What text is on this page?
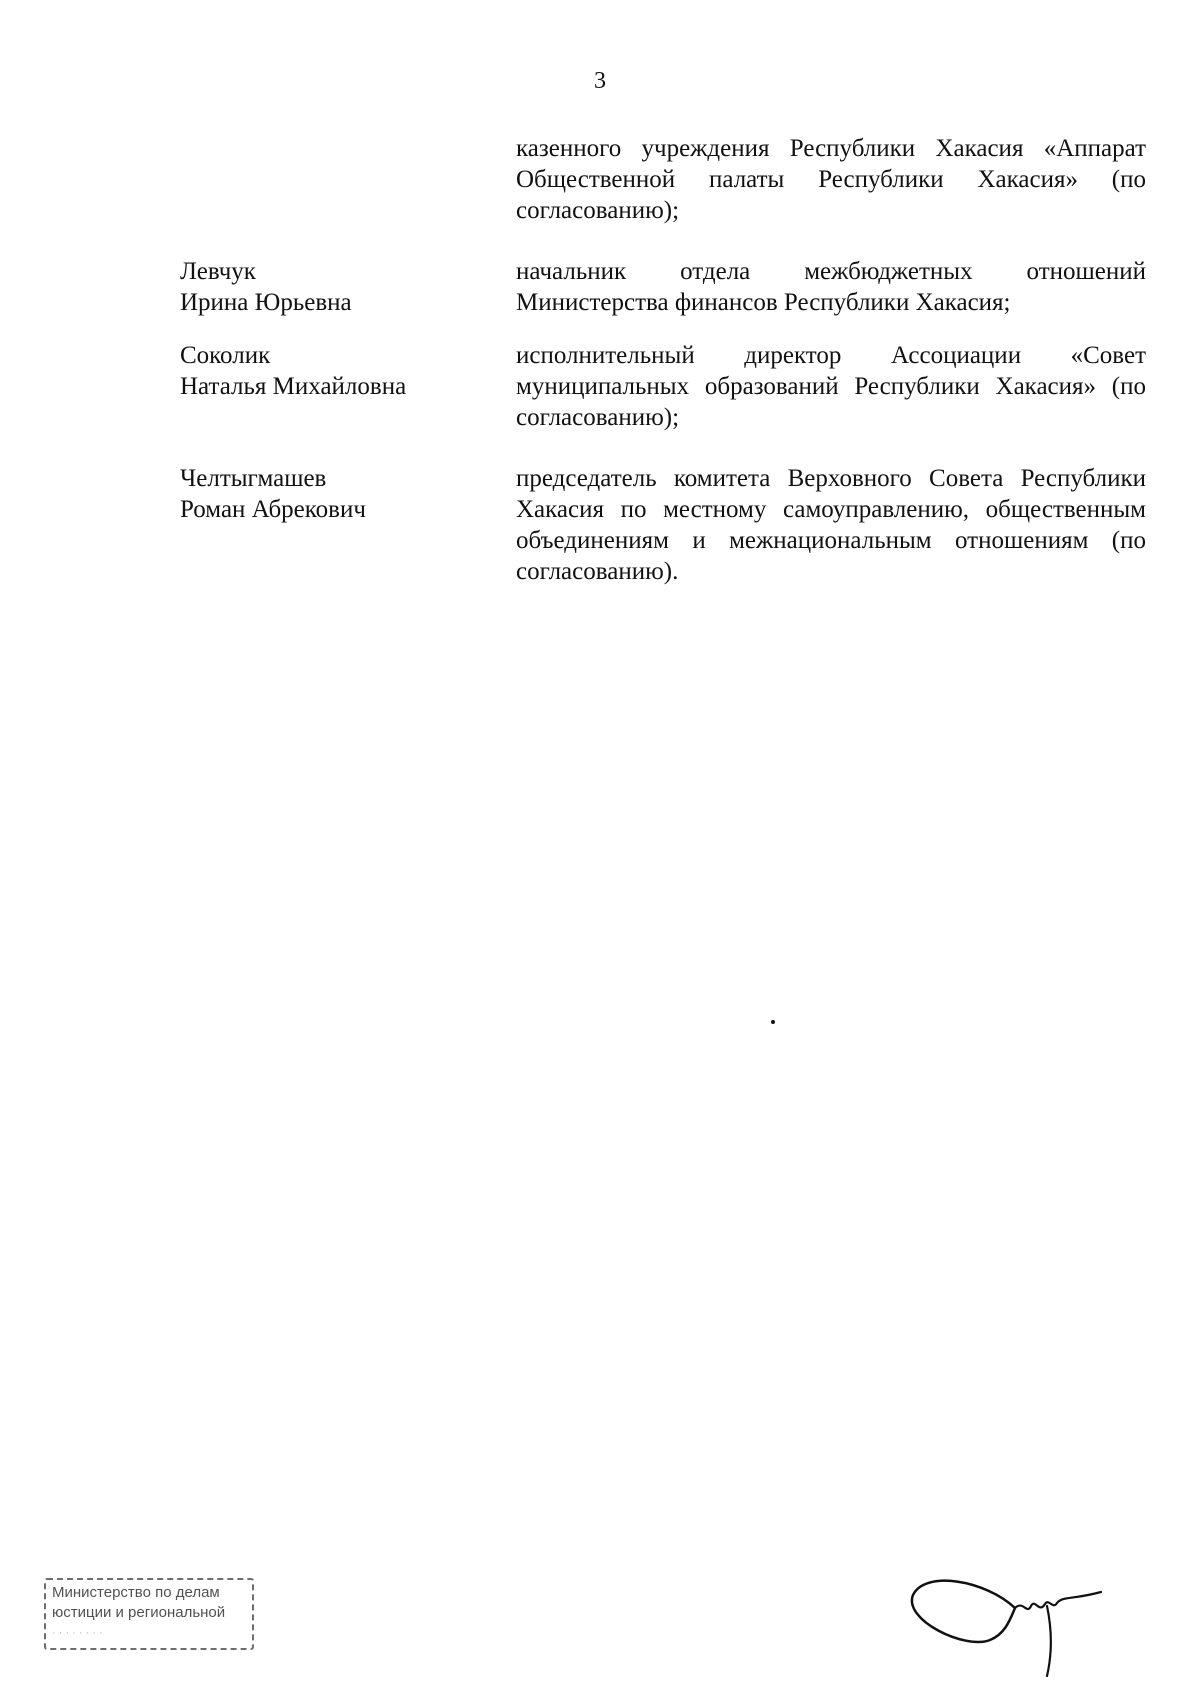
3
казенного учреждения Республики Хакасия «Аппарат Общественной палаты Республики Хакасия» (по согласованию);
Левчук
Ирина Юрьевна
начальник отдела межбюджетных отношений Министерства финансов Республики Хакасия;
Соколик
Наталья Михайловна
исполнительный директор Ассоциации «Совет муниципальных образований Республики Хакасия» (по согласованию);
Челтыгмашев
Роман Абрекович
председатель комитета Верховного Совета Республики Хакасия по местному самоуправлению, общественным объединениям и межнациональным отношениям (по согласованию).
Министерство по делам
юстиции и региональной
· · · · · · · ·
